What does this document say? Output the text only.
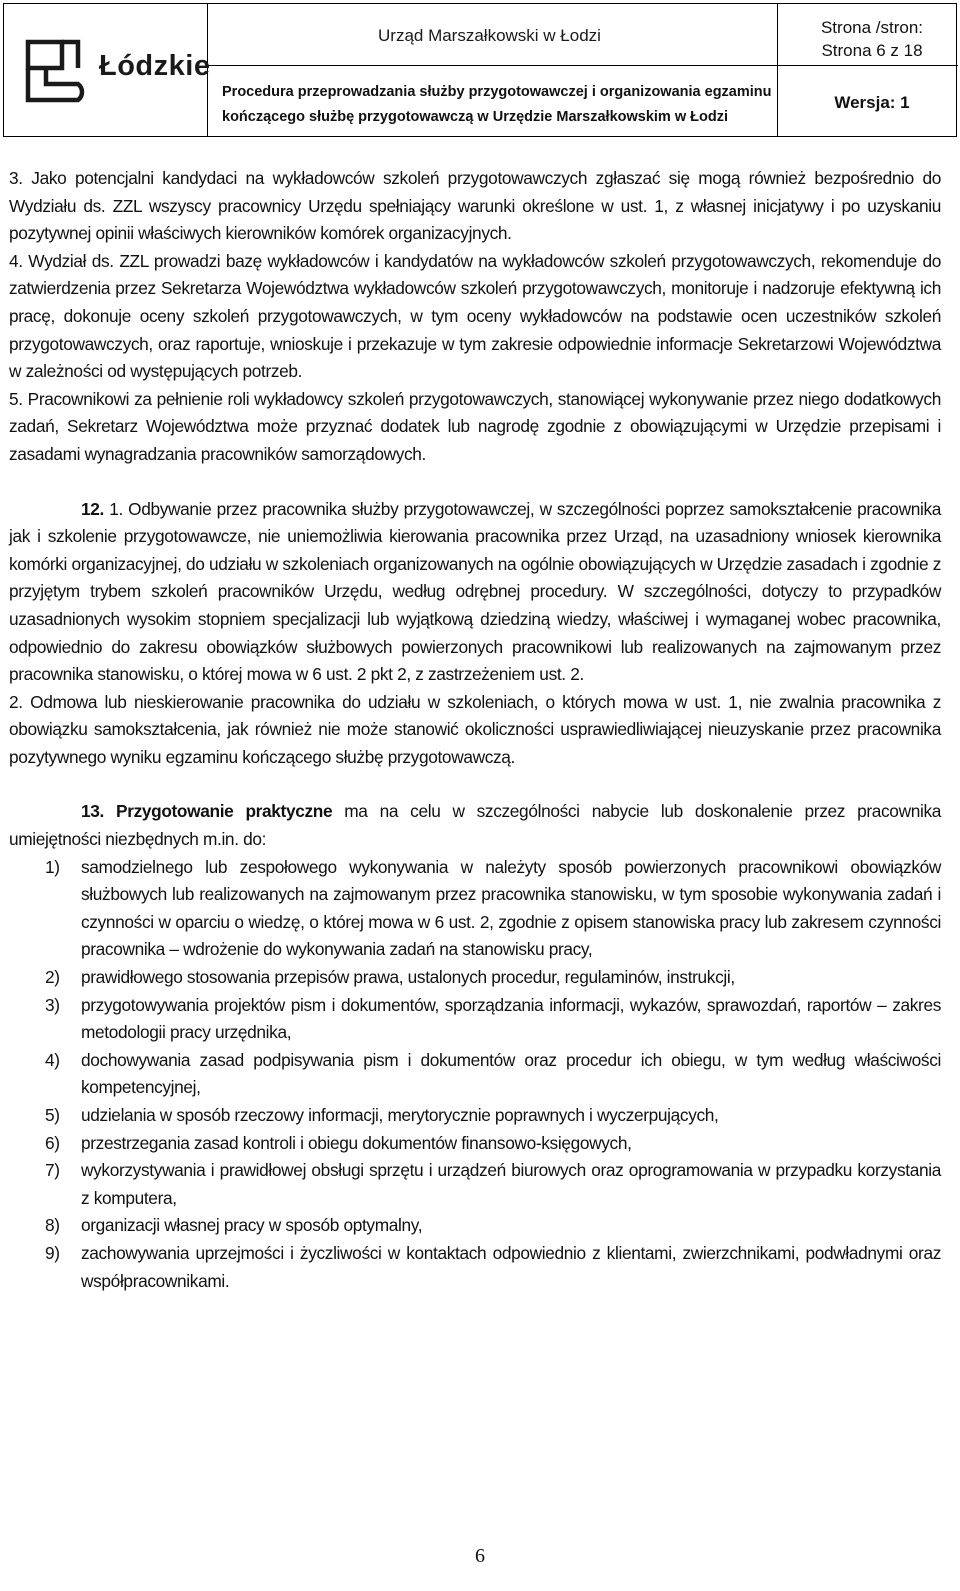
Łódzkie
Urząd Marszałkowski w Łodzi
Procedura przeprowadzania służby przygotowawczej i organizowania egzaminu
kończącego służbę przygotowawczą w Urzędzie Marszałkowskim w Łodzi
Strona /stron:
Strona 6 z 18
Wersja: 1

3. Jako potencjalni kandydaci na wykładowców szkoleń przygotowawczych zgłaszać się mogą również bezpośrednio do Wydziału ds. ZZL wszyscy pracownicy Urzędu spełniający warunki określone w ust. 1, z własnej inicjatywy i po uzyskaniu pozytywnej opinii właściwych kierowników komórek organizacyjnych.

4. Wydział ds. ZZL prowadzi bazę wykładowców i kandydatów na wykładowców szkoleń przygotowawczych, rekomenduje do zatwierdzenia przez Sekretarza Województwa wykładowców szkoleń przygotowawczych, monitoruje i nadzoruje efektywną ich pracę, dokonuje oceny szkoleń przygotowawczych, w tym oceny wykładowców na podstawie ocen uczestników szkoleń przygotowawczych, oraz raportuje, wnioskuje i przekazuje w tym zakresie odpowiednie informacje Sekretarzowi Województwa w zależności od występujących potrzeb.

5. Pracownikowi za pełnienie roli wykładowcy szkoleń przygotowawczych, stanowiącej wykonywanie przez niego dodatkowych zadań, Sekretarz Województwa może przyznać dodatek lub nagrodę zgodnie z obowiązującymi w Urzędzie przepisami i zasadami wynagradzania pracowników samorządowych.

12. 1. Odbywanie przez pracownika służby przygotowawczej, w szczególności poprzez samokształcenie pracownika jak i szkolenie przygotowawcze, nie uniemożliwia kierowania pracownika przez Urząd, na uzasadniony wniosek kierownika komórki organizacyjnej, do udziału w szkoleniach organizowanych na ogólnie obowiązujących w Urzędzie zasadach i zgodnie z przyjętym trybem szkoleń pracowników Urzędu, według odrębnej procedury. W szczególności, dotyczy to przypadków uzasadnionych wysokim stopniem specjalizacji lub wyjątkową dziedziną wiedzy, właściwej i wymaganej wobec pracownika, odpowiednio do zakresu obowiązków służbowych powierzonych pracownikowi lub realizowanych na zajmowanym przez pracownika stanowisku, o której mowa w 6 ust. 2 pkt 2, z zastrzeżeniem ust. 2.

2. Odmowa lub nieskierowanie pracownika do udziału w szkoleniach, o których mowa w ust. 1, nie zwalnia pracownika z obowiązku samokształcenia, jak również nie może stanowić okoliczności usprawiedliwiającej nieuzyskanie przez pracownika pozytywnego wyniku egzaminu kończącego służbę przygotowawczą.

13. Przygotowanie praktyczne ma na celu w szczególności nabycie lub doskonalenie przez pracownika umiejętności niezbędnych m.in. do:

1) samodzielnego lub zespołowego wykonywania w należyty sposób powierzonych pracownikowi obowiązków służbowych lub realizowanych na zajmowanym przez pracownika stanowisku, w tym sposobie wykonywania zadań i czynności w oparciu o wiedzę, o której mowa w 6 ust. 2, zgodnie z opisem stanowiska pracy lub zakresem czynności pracownika – wdrożenie do wykonywania zadań na stanowisku pracy,
2) prawidłowego stosowania przepisów prawa, ustalonych procedur, regulaminów, instrukcji,
3) przygotowywania projektów pism i dokumentów, sporządzania informacji, wykazów, sprawozdań, raportów – zakres metodologii pracy urzędnika,
4) dochowywania zasad podpisywania pism i dokumentów oraz procedur ich obiegu, w tym według właściwości kompetencyjnej,
5) udzielania w sposób rzeczowy informacji, merytorycznie poprawnych i wyczerpujących,
6) przestrzegania zasad kontroli i obiegu dokumentów finansowo-księgowych,
7) wykorzystywania i prawidłowej obsługi sprzętu i urządzeń biurowych oraz oprogramowania w przypadku korzystania z komputera,
8) organizacji własnej pracy w sposób optymalny,
9) zachowywania uprzejmości i życzliwości w kontaktach odpowiednio z klientami, zwierzchnikami, podwładnymi oraz współpracownikami.
6
